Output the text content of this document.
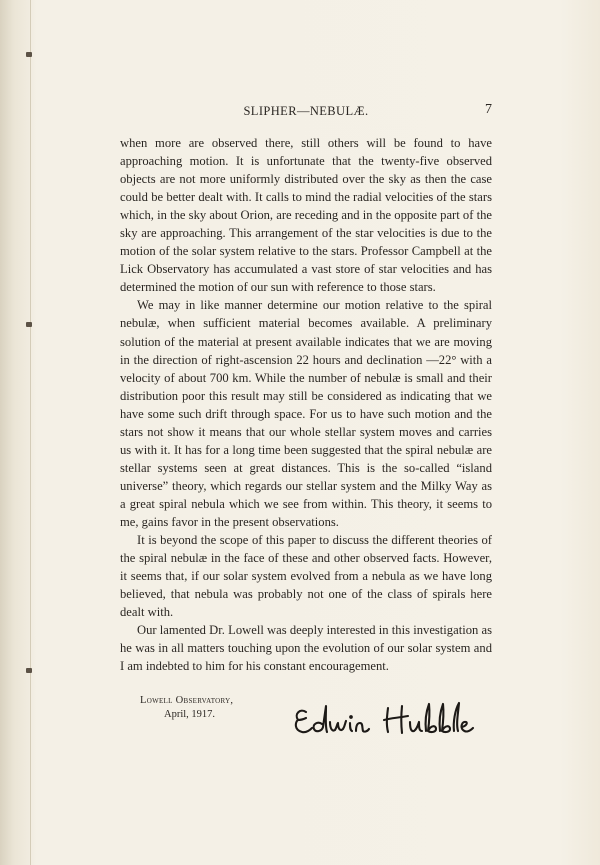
SLIPHER—NEBULÆ.	7

when more are observed there, still others will be found to have approaching motion. It is unfortunate that the twenty-five observed objects are not more uniformly distributed over the sky as then the case could be better dealt with. It calls to mind the radial velocities of the stars which, in the sky about Orion, are receding and in the opposite part of the sky are approaching. This arrangement of the star velocities is due to the motion of the solar system relative to the stars. Professor Campbell at the Lick Observatory has accumulated a vast store of star velocities and has determined the motion of our sun with reference to those stars.

We may in like manner determine our motion relative to the spiral nebulæ, when sufficient material becomes available. A preliminary solution of the material at present available indicates that we are moving in the direction of right-ascension 22 hours and declination —22° with a velocity of about 700 km. While the number of nebulæ is small and their distribution poor this result may still be considered as indicating that we have some such drift through space. For us to have such motion and the stars not show it means that our whole stellar system moves and carries us with it. It has for a long time been suggested that the spiral nebulæ are stellar systems seen at great distances. This is the so-called “island universe” theory, which regards our stellar system and the Milky Way as a great spiral nebula which we see from within. This theory, it seems to me, gains favor in the present observations.

It is beyond the scope of this paper to discuss the different theories of the spiral nebulæ in the face of these and other observed facts. However, it seems that, if our solar system evolved from a nebula as we have long believed, that nebula was probably not one of the class of spirals here dealt with.

Our lamented Dr. Lowell was deeply interested in this investigation as he was in all matters touching upon the evolution of our solar system and I am indebted to him for his constant encouragement.

Lowell Observatory,
April, 1917.
